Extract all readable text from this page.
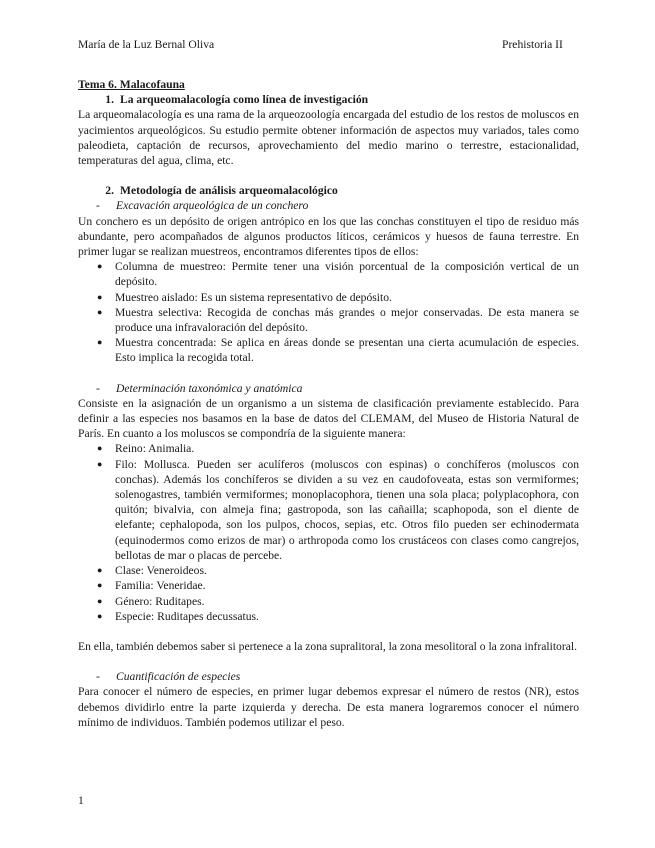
María de la Luz Bernal Oliva	Prehistoria II
Tema 6. Malacofauna
1. La arqueomalacología como línea de investigación

La arqueomalacología es una rama de la arqueozoología encargada del estudio de los restos de moluscos en yacimientos arqueológicos. Su estudio permite obtener información de aspectos muy variados, tales como paleodieta, captación de recursos, aprovechamiento del medio marino o terrestre, estacionalidad, temperaturas del agua, clima, etc.

2. Metodología de análisis arqueomalacológico
-	Excavación arqueológica de un conchero

Un conchero es un depósito de origen antrópico en los que las conchas constituyen el tipo de residuo más abundante, pero acompañados de algunos productos líticos, cerámicos y huesos de fauna terrestre. En primer lugar se realizan muestreos, encontramos diferentes tipos de ellos:

●	Columna de muestreo: Permite tener una visión porcentual de la composición vertical de un depósito.
●	Muestreo aislado: Es un sistema representativo de depósito.
●	Muestra selectiva: Recogida de conchas más grandes o mejor conservadas. De esta manera se produce una infravaloración del depósito.
●	Muestra concentrada: Se aplica en áreas donde se presentan una cierta acumulación de especies. Esto implica la recogida total.
-	Determinación taxonómica y anatómica

Consiste en la asignación de un organismo a un sistema de clasificación previamente establecido. Para definir a las especies nos basamos en la base de datos del CLEMAM, del Museo de Historia Natural de París. En cuanto a los moluscos se compondría de la siguiente manera:

●	Reino: Animalia.
●	Filo: Mollusca. Pueden ser aculíferos (moluscos con espinas) o conchíferos (moluscos con conchas). Además los conchíferos se dividen a su vez en caudofoveata, estas son vermiformes; solenogastres, también vermiformes; monoplacophora, tienen una sola placa; polyplacophora, con quitón; bivalvia, con almeja fina; gastropoda, son las cañailla; scaphopoda, son el diente de elefante; cephalopoda, son los pulpos, chocos, sepias, etc. Otros filo pueden ser echinodermata (equinodermos como erizos de mar) o arthropoda como los crustáceos con clases como cangrejos, bellotas de mar o placas de percebe.
●	Clase: Veneroideos.
●	Familia: Veneridae.
●	Género: Ruditapes.
●	Especie: Ruditapes decussatus.

En ella, también debemos saber si pertenece a la zona supralitoral, la zona mesolitoral o la zona infralitoral.

-	Cuantificación de especies

Para conocer el número de especies, en primer lugar debemos expresar el número de restos (NR), estos debemos dividirlo entre la parte izquierda y derecha. De esta manera lograremos conocer el número mínimo de individuos. También podemos utilizar el peso.

1
